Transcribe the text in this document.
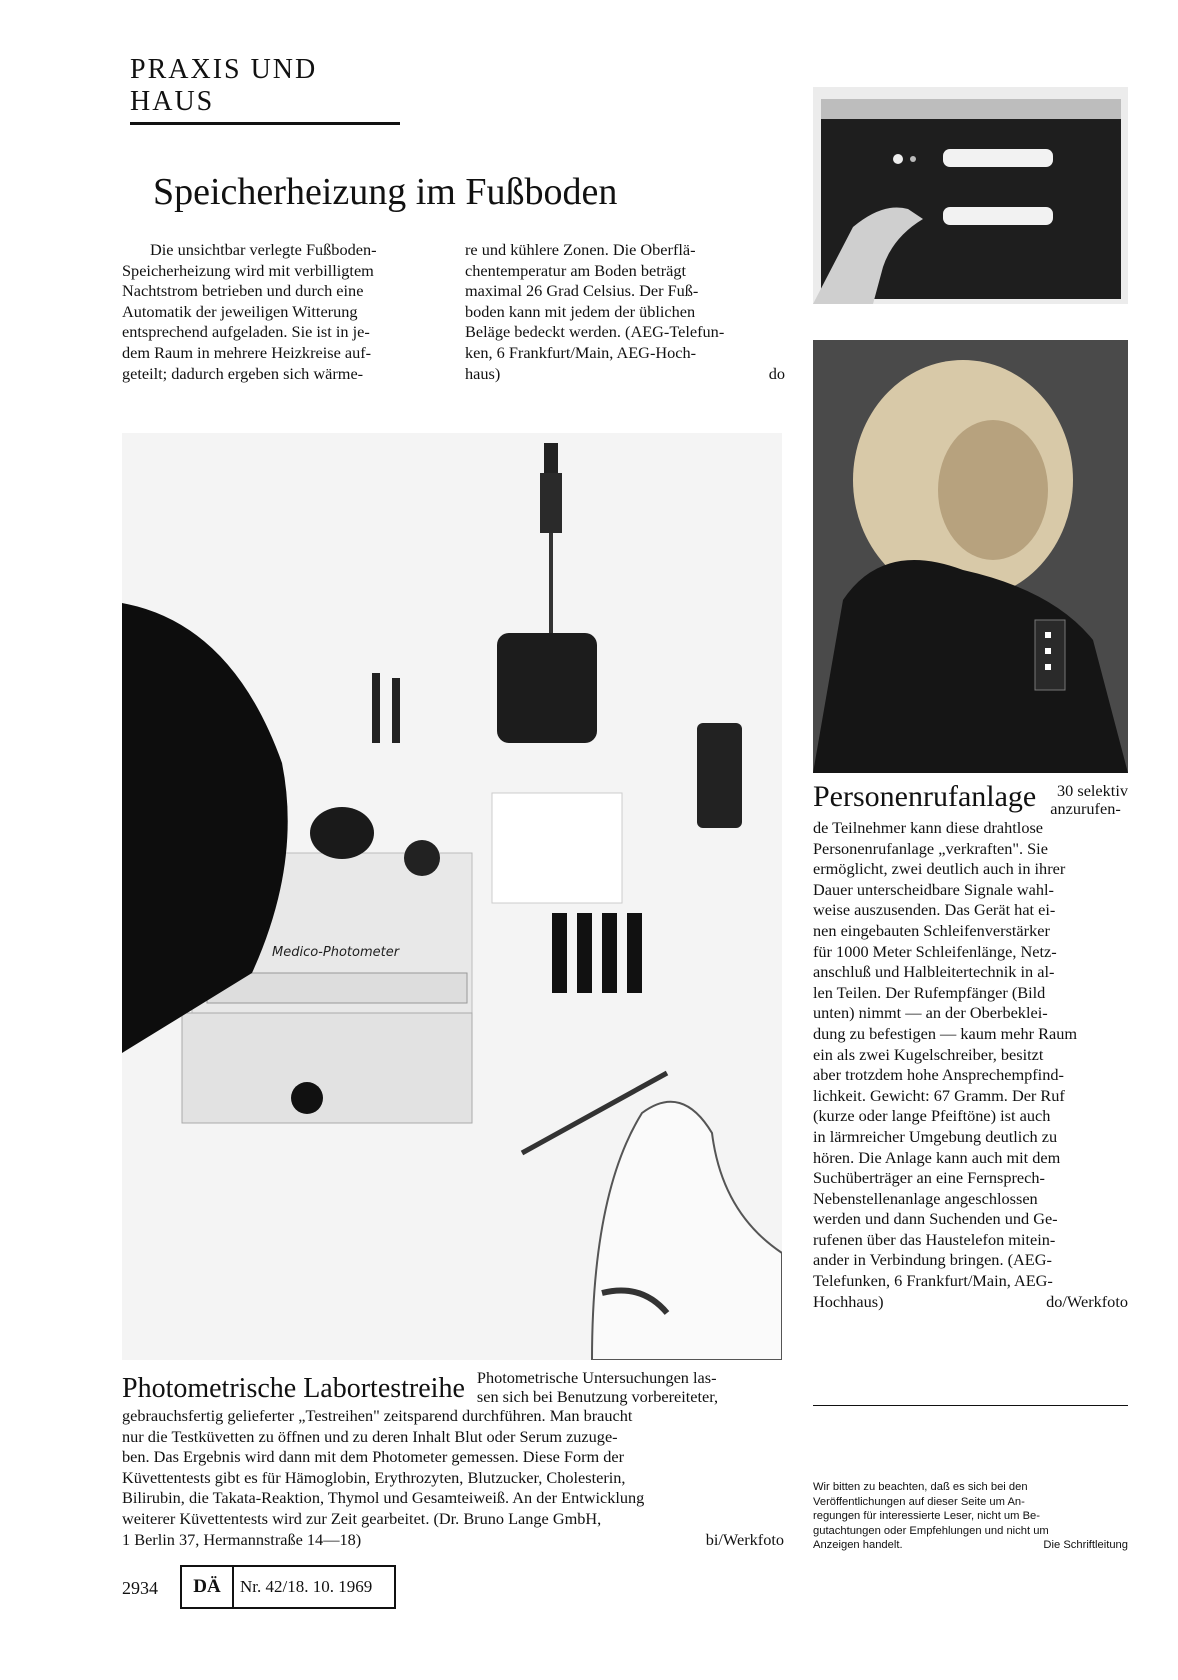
PRAXIS UND HAUS
Speicherheizung im Fußboden

Die unsichtbar verlegte Fußboden-

Speicherheizung wird mit verbilligtem

Nachtstrom betrieben und durch eine

Automatik der jeweiligen Witterung

entsprechend aufgeladen. Sie ist in je-

dem Raum in mehrere Heizkreise auf-

geteilt; dadurch ergeben sich wärme-

re und kühlere Zonen. Die Oberflä-

chentemperatur am Boden beträgt

maximal 26 Grad Celsius. Der Fuß-

boden kann mit jedem der üblichen

Beläge bedeckt werden. (AEG-Telefun-

ken, 6 Frankfurt/Main, AEG-Hoch-

haus)	do
Medico-Photometer
Personenrufanlage	30 selektiv
anzurufen-

de Teilnehmer kann diese drahtlose

Personenrufanlage „verkraften". Sie

ermöglicht, zwei deutlich auch in ihrer

Dauer unterscheidbare Signale wahl-

weise auszusenden. Das Gerät hat ei-

nen eingebauten Schleifenverstärker

für 1000 Meter Schleifenlänge, Netz-

anschluß und Halbleitertechnik in al-

len Teilen. Der Rufempfänger (Bild

unten) nimmt — an der Oberbeklei-

dung zu befestigen — kaum mehr Raum

ein als zwei Kugelschreiber, besitzt

aber trotzdem hohe Ansprechempfind-

lichkeit. Gewicht: 67 Gramm. Der Ruf

(kurze oder lange Pfeiftöne) ist auch

in lärmreicher Umgebung deutlich zu

hören. Die Anlage kann auch mit dem

Suchüberträger an eine Fernsprech-

Nebenstellenanlage angeschlossen

werden und dann Suchenden und Ge-

rufenen über das Haustelefon mitein-

ander in Verbindung bringen. (AEG-

Telefunken, 6 Frankfurt/Main, AEG-

Hochhaus)	do/Werkfoto
Photometrische Labortestreihe Photometrische Untersuchungen las-
sen sich bei Benutzung vorbereiteter,

gebrauchsfertig gelieferter „Testreihen" zeitsparend durchführen. Man braucht

nur die Testküvetten zu öffnen und zu deren Inhalt Blut oder Serum zuzuge-

ben. Das Ergebnis wird dann mit dem Photometer gemessen. Diese Form der

Küvettentests gibt es für Hämoglobin, Erythrozyten, Blutzucker, Cholesterin,

Bilirubin, die Takata-Reaktion, Thymol und Gesamteiweiß. An der Entwicklung

weiterer Küvettentests wird zur Zeit gearbeitet. (Dr. Bruno Lange GmbH,

1 Berlin 37, Hermannstraße 14—18)	bi/Werkfoto
Wir bitten zu beachten, daß es sich bei den
Veröffentlichungen auf dieser Seite um An-
regungen für interessierte Leser, nicht um Be-
gutachtungen oder Empfehlungen und nicht um
Anzeigen handelt.	Die Schriftleitung
2934	DÄ	Nr. 42/18. 10. 1969
